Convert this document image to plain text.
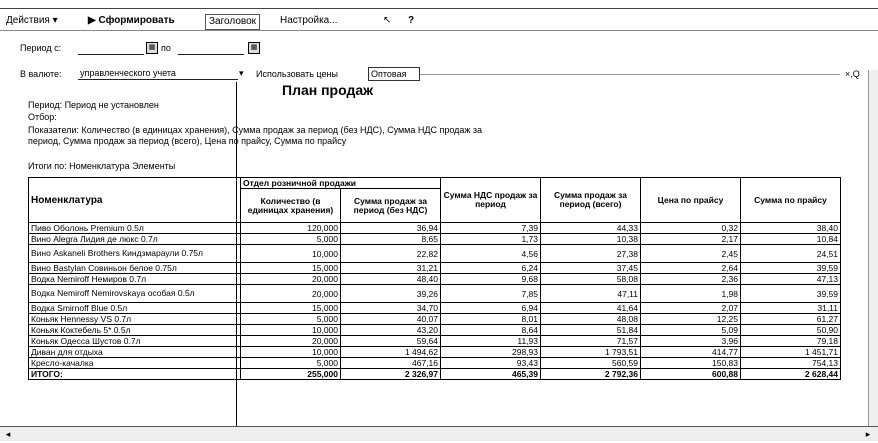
Действия ▾	▶ Сформировать	Заголовок	Настройка...	↖ ?
Период с:	▦ по	▦
В валюте: управленческого учета	▾ Использовать цены	Оптовая	×,Q
План продаж
Период: Период не установлен
Отбор:
Показатели: Количество (в единицах хранения), Сумма продаж за период (без НДС), Сумма НДС продаж за
период, Сумма продаж за период (всего), Цена по прайсу, Сумма по прайсу
Итоги по: Номенклатура Элементы
Номенклатура	Отдел розничной продажи		Сумма НДС продаж за период	Сумма продаж за период (всего)	Цена по прайсу	Сумма по прайсу
	Количество (в единицах хранения)	Сумма продаж за период (без НДС)				
Пиво Оболонь Premium 0.5л	120,000	36,94	7,39	44,33	0,32	38,40
Вино Alegra Лидия де люкс 0.7л	5,000	8,65	1,73	10,38	2,17	10,84
Вино Askaneli Brothers Киндзмараули 0.75л	10,000	22,82	4,56	27,38	2,45	24,51
Вино Bastylan Совиньон белое 0.75л	15,000	31,21	6,24	37,45	2,64	39,59
Водка Nemiroff Немиров 0.7л	20,000	48,40	9,68	58,08	2,36	47,13
Водка Nemiroff Nemirovskaya особая 0.5л	20,000	39,26	7,85	47,11	1,98	39,59
Водка Smirnoff Blue 0.5л	15,000	34,70	6,94	41,64	2,07	31,11
Коньяк Hennessy VS 0.7л	5,000	40,07	8,01	48,08	12,25	61,27
Коньяк Коктебель 5* 0.5л	10,000	43,20	8,64	51,84	5,09	50,90
Коньяк Одесса Шустов 0.7л	20,000	59,64	11,93	71,57	3,96	79,18
Диван для отдыха	10,000	1 494,62	298,93	1 793,51	414,77	1 451,71
Кресло-качалка	5,000	467,16	93,43	560,59	150,83	754,13
ИТОГО:	255,000	2 326,97	465,39	2 792,36	600,88	2 628,44
◂	▸
